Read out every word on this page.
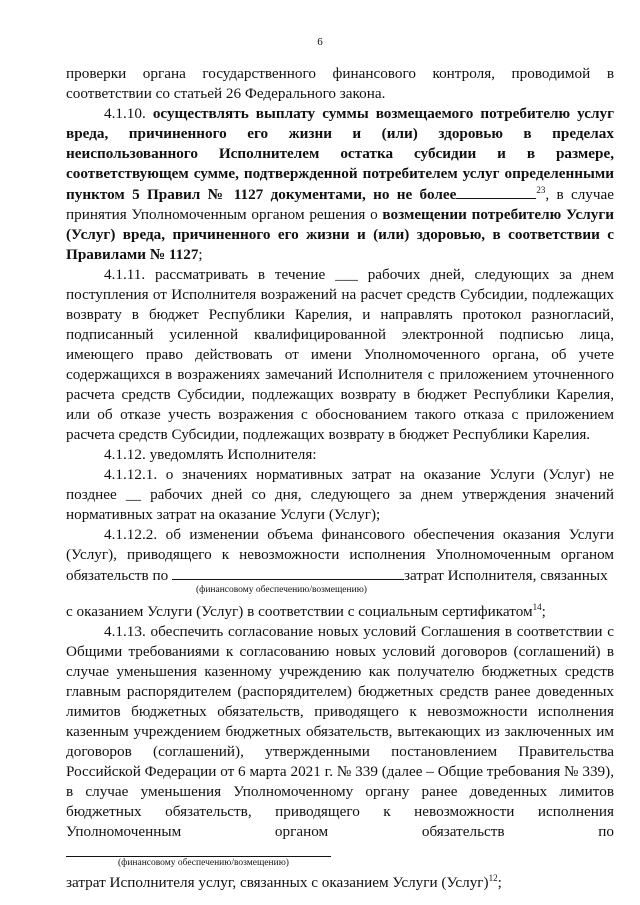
6

проверки органа государственного финансового контроля, проводимой в соответствии со статьей 26 Федерального закона.

4.1.10. осуществлять выплату суммы возмещаемого потребителю услуг вреда, причиненного его жизни и (или) здоровью в пределах неиспользованного Исполнителем остатка субсидии и в размере, соответствующем сумме, подтвержденной потребителем услуг определенными пунктом 5 Правил № 1127 документами, но не более	$^{23}$, в случае принятия Уполномоченным органом решения о возмещении потребителю Услуги (Услуг) вреда, причиненного его жизни и (или) здоровью, в соответствии с Правилами № 1127;

4.1.11. рассматривать в течение ___ рабочих дней, следующих за днем поступления от Исполнителя возражений на расчет средств Субсидии, подлежащих возврату в бюджет Республики Карелия, и направлять протокол разногласий, подписанный усиленной квалифицированной электронной подписью лица, имеющего право действовать от имени Уполномоченного органа, об учете содержащихся в возражениях замечаний Исполнителя с приложением уточненного расчета средств Субсидии, подлежащих возврату в бюджет Республики Карелия, или об отказе учесть возражения с обоснованием такого отказа с приложением расчета средств Субсидии, подлежащих возврату в бюджет Республики Карелия.

4.1.12. уведомлять Исполнителя:

4.1.12.1. о значениях нормативных затрат на оказание Услуги (Услуг) не позднее __ рабочих дней со дня, следующего за днем утверждения значений нормативных затрат на оказание Услуги (Услуг);

4.1.12.2. об изменении объема финансового обеспечения оказания Услуги (Услуг), приводящего к невозможности исполнения Уполномоченным органом обязательств по	затрат Исполнителя, связанных

(финансовому обеспечению/возмещению)

с оказанием Услуги (Услуг) в соответствии с социальным сертификатом$^{14}$;

4.1.13. обеспечить согласование новых условий Соглашения в соответствии с Общими требованиями к согласованию новых условий договоров (соглашений) в случае уменьшения казенному учреждению как получателю бюджетных средств главным распорядителем (распорядителем) бюджетных средств ранее доведенных лимитов бюджетных обязательств, приводящего к невозможности исполнения казенным учреждением бюджетных обязательств, вытекающих из заключенных им договоров (соглашений), утвержденными постановлением Правительства Российской Федерации от 6 марта 2021 г. № 339 (далее – Общие требования № 339), в случае уменьшения Уполномоченному органу ранее доведенных лимитов бюджетных обязательств, приводящего к невозможности исполнения Уполномоченным органом обязательств по

(финансовому обеспечению/возмещению)

затрат Исполнителя услуг, связанных с оказанием Услуги (Услуг)$^{12}$;
